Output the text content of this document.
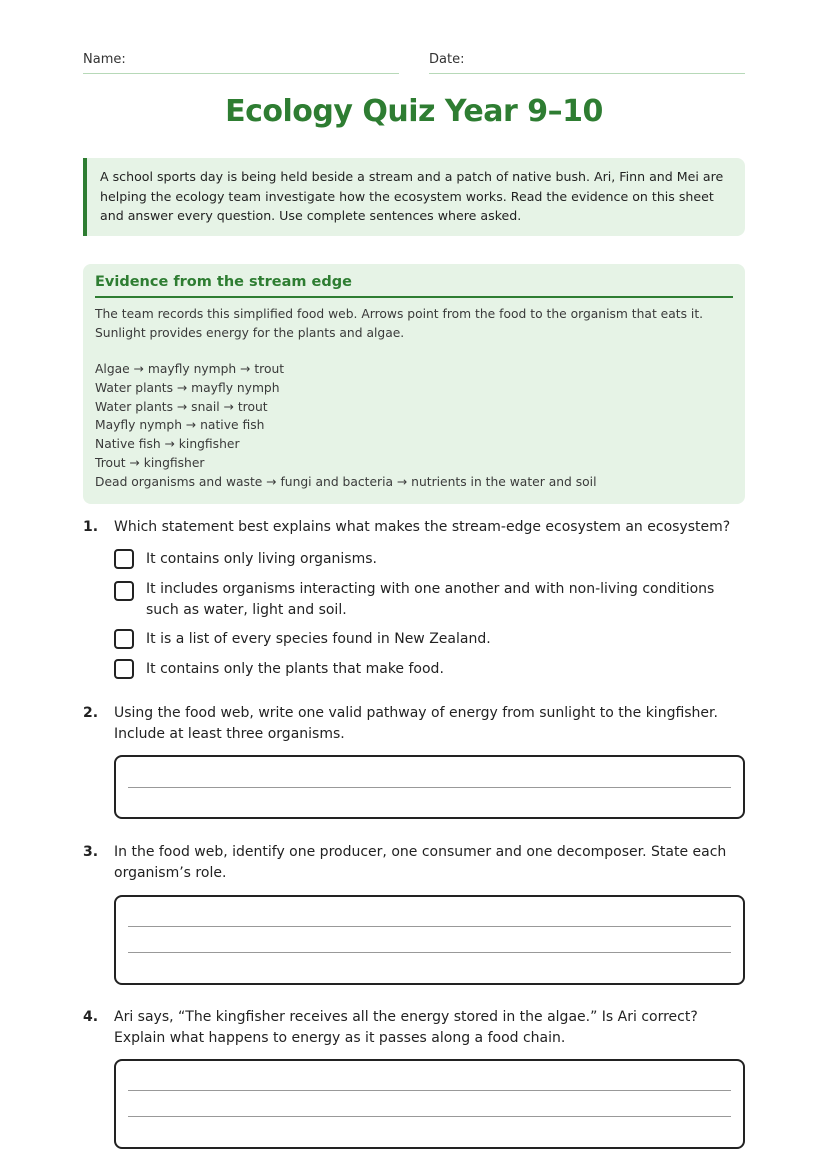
Name:	Date:
Ecology Quiz Year 9–10
A school sports day is being held beside a stream and a patch of native bush. Ari, Finn and Mei are helping the ecology team investigate how the ecosystem works. Read the evidence on this sheet and answer every question. Use complete sentences where asked.
Evidence from the stream edge
The team records this simplified food web. Arrows point from the food to the organism that eats it. Sunlight provides energy for the plants and algae.
Algae → mayfly nymph → trout
Water plants → mayfly nymph
Water plants → snail → trout
Mayfly nymph → native fish
Native fish → kingfisher
Trout → kingfisher
Dead organisms and waste → fungi and bacteria → nutrients in the water and soil
1. Which statement best explains what makes the stream-edge ecosystem an ecosystem?
It contains only living organisms.
It includes organisms interacting with one another and with non-living conditions such as water, light and soil.
It is a list of every species found in New Zealand.
It contains only the plants that make food.
2. Using the food web, write one valid pathway of energy from sunlight to the kingfisher. Include at least three organisms.
3. In the food web, identify one producer, one consumer and one decomposer. State each organism’s role.
4. Ari says, “The kingfisher receives all the energy stored in the algae.” Is Ari correct? Explain what happens to energy as it passes along a food chain.
